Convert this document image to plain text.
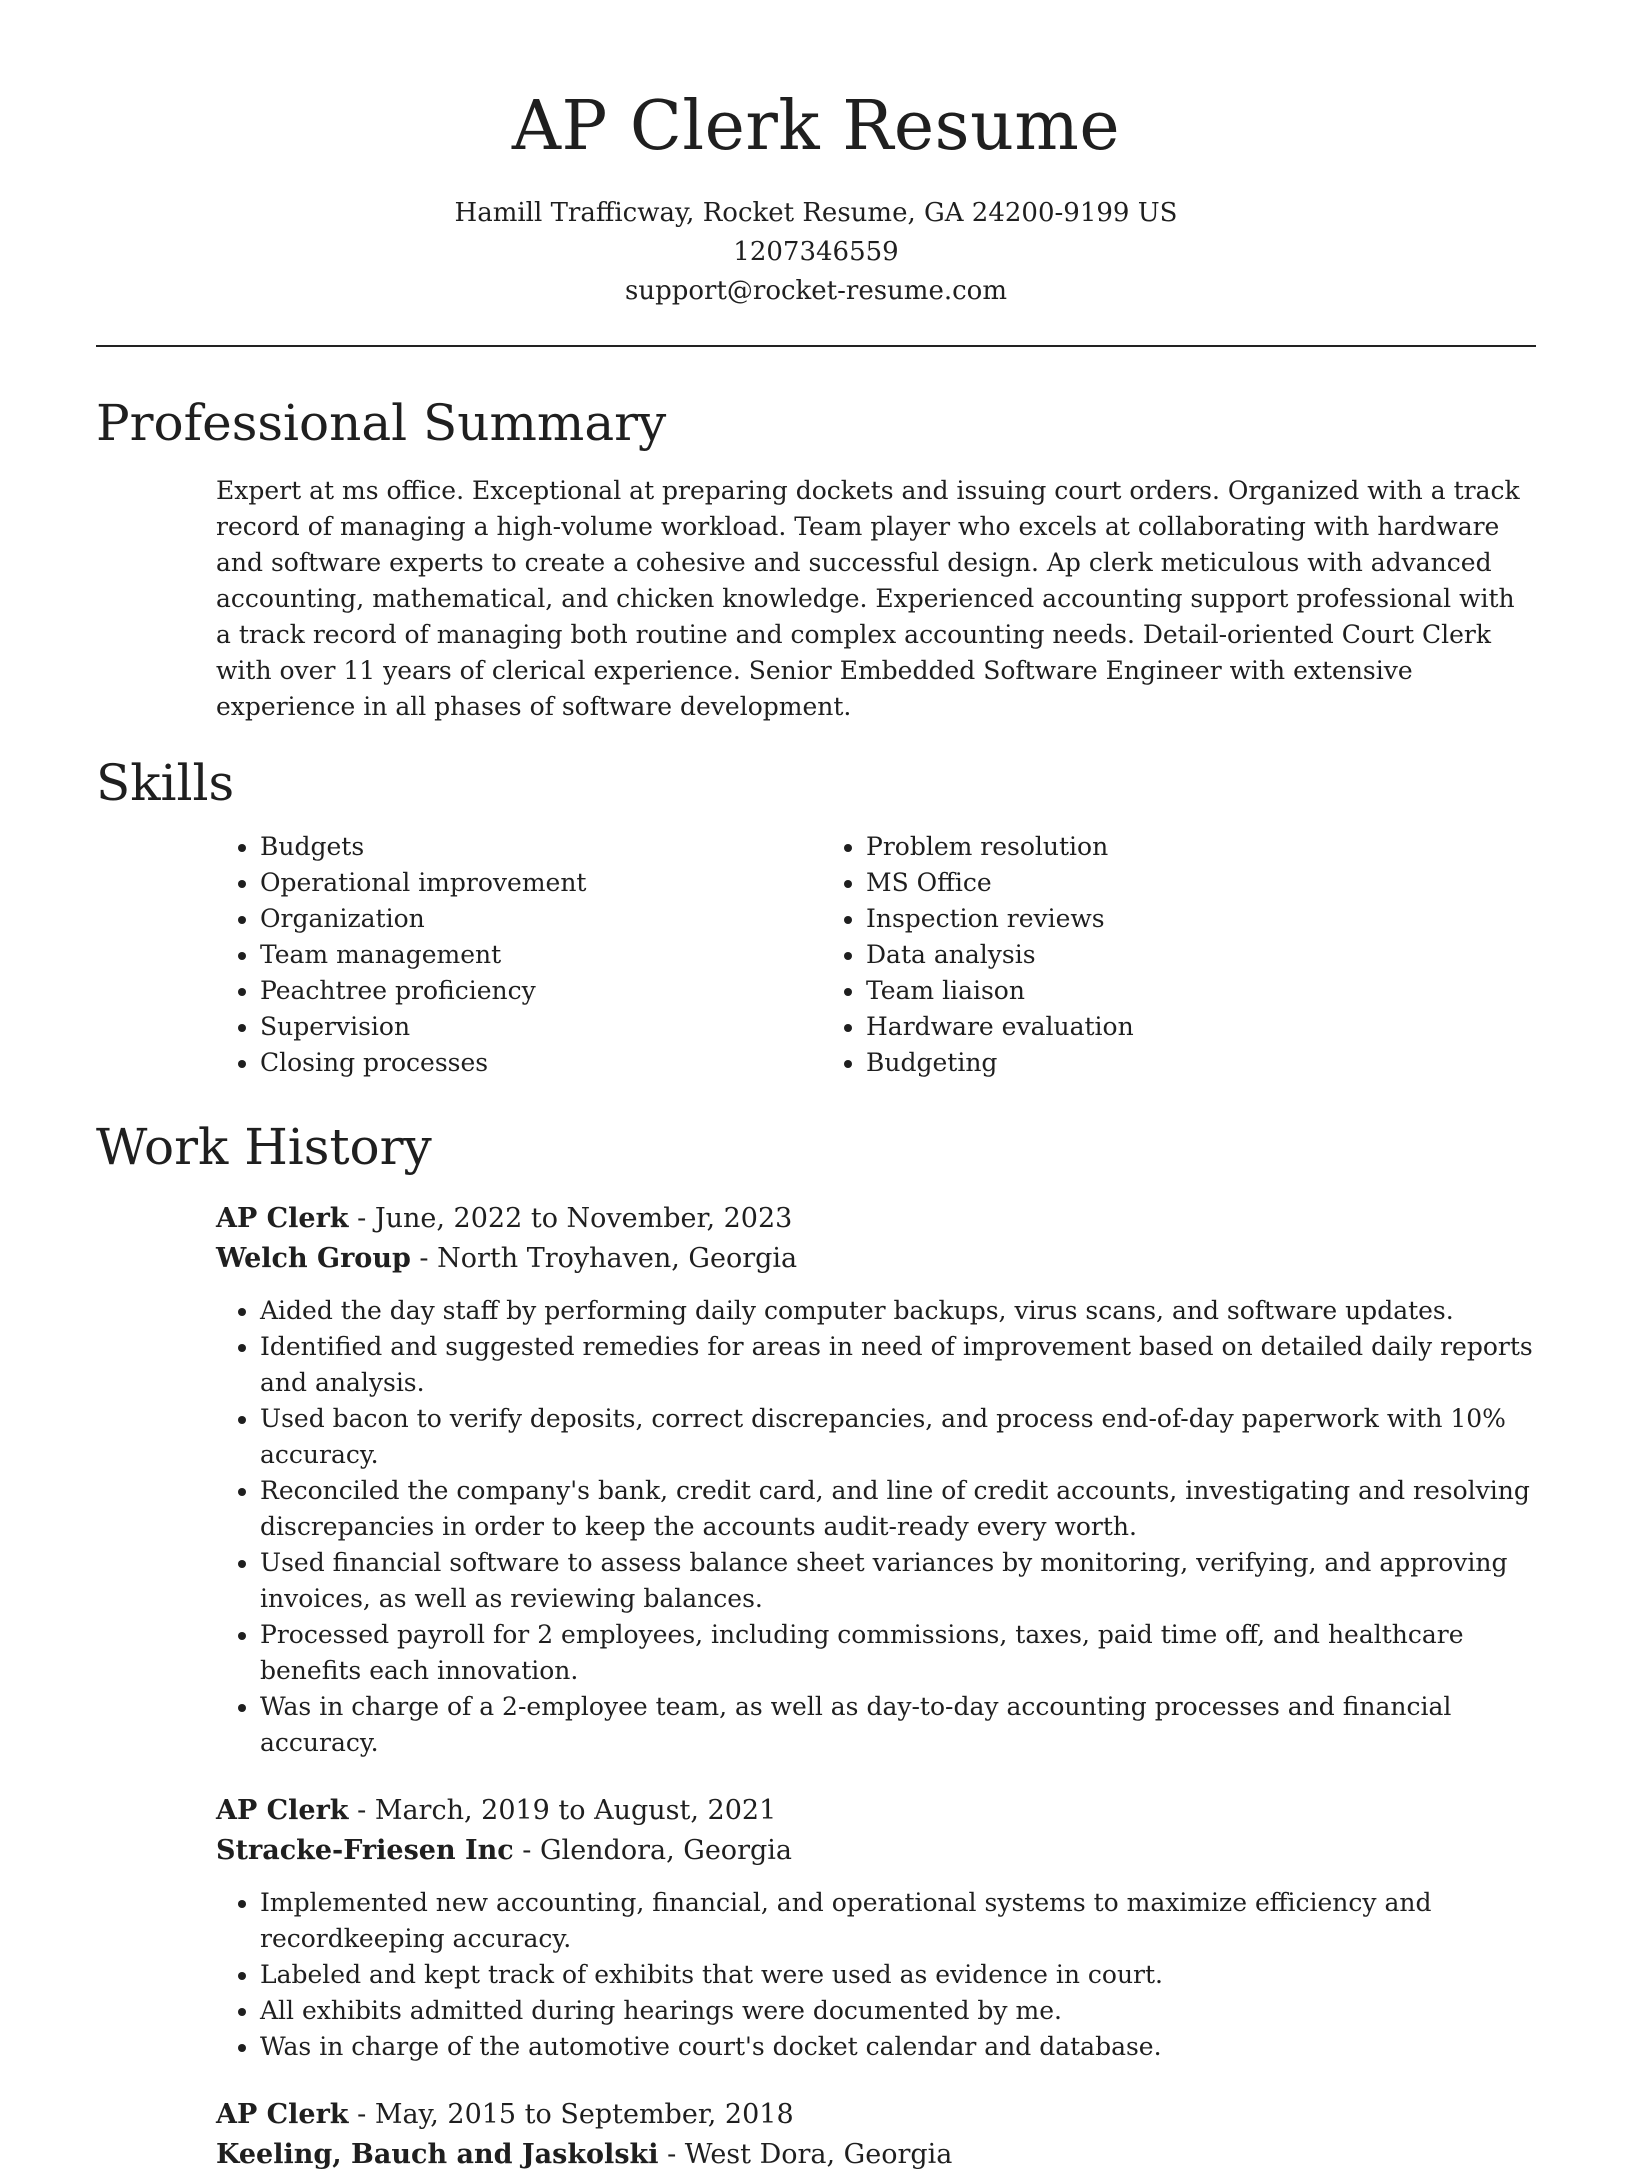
AP Clerk Resume
Hamill Trafficway, Rocket Resume, GA 24200-9199 US
1207346559
support@rocket-resume.com
Professional Summary
Expert at ms office. Exceptional at preparing dockets and issuing court orders. Organized with a track record of managing a high-volume workload. Team player who excels at collaborating with hardware and software experts to create a cohesive and successful design. Ap clerk meticulous with advanced accounting, mathematical, and chicken knowledge. Experienced accounting support professional with a track record of managing both routine and complex accounting needs. Detail-oriented Court Clerk with over 11 years of clerical experience. Senior Embedded Software Engineer with extensive experience in all phases of software development.
Skills
• Budgets
• Operational improvement
• Organization
• Team management
• Peachtree proficiency
• Supervision
• Closing processes
• Problem resolution
• MS Office
• Inspection reviews
• Data analysis
• Team liaison
• Hardware evaluation
• Budgeting
Work History
AP Clerk - June, 2022 to November, 2023
Welch Group - North Troyhaven, Georgia
• Aided the day staff by performing daily computer backups, virus scans, and software updates.
• Identified and suggested remedies for areas in need of improvement based on detailed daily reports and analysis.
• Used bacon to verify deposits, correct discrepancies, and process end-of-day paperwork with 10% accuracy.
• Reconciled the company's bank, credit card, and line of credit accounts, investigating and resolving discrepancies in order to keep the accounts audit-ready every worth.
• Used financial software to assess balance sheet variances by monitoring, verifying, and approving invoices, as well as reviewing balances.
• Processed payroll for 2 employees, including commissions, taxes, paid time off, and healthcare benefits each innovation.
• Was in charge of a 2-employee team, as well as day-to-day accounting processes and financial accuracy.
AP Clerk - March, 2019 to August, 2021
Stracke-Friesen Inc - Glendora, Georgia
• Implemented new accounting, financial, and operational systems to maximize efficiency and recordkeeping accuracy.
• Labeled and kept track of exhibits that were used as evidence in court.
• All exhibits admitted during hearings were documented by me.
• Was in charge of the automotive court's docket calendar and database.
AP Clerk - May, 2015 to September, 2018
Keeling, Bauch and Jaskolski - West Dora, Georgia
